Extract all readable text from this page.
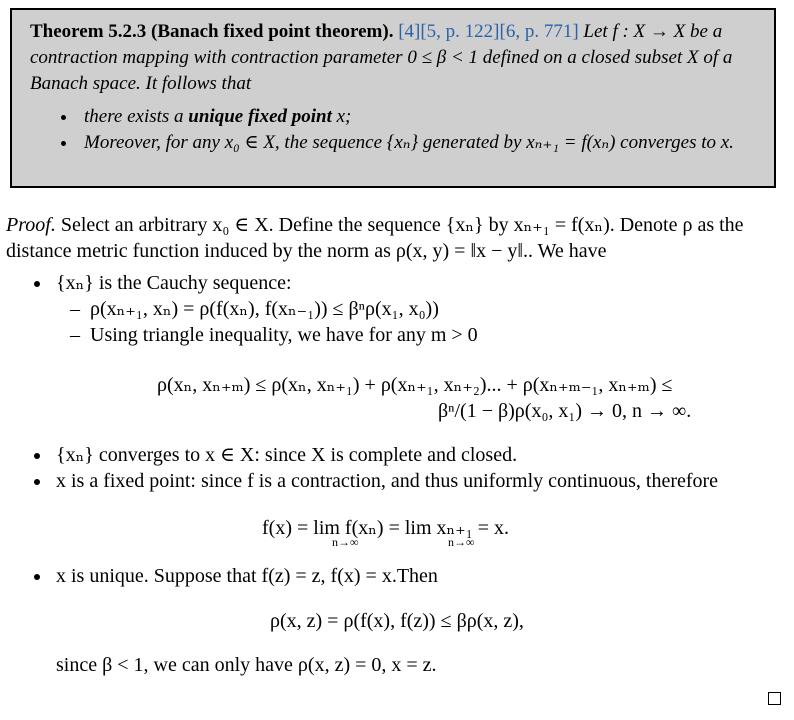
Theorem 5.2.3 (Banach fixed point theorem). [4][5, p. 122][6, p. 771] Let f : X → X be a contraction mapping with contraction parameter 0 ≤ β < 1 defined on a closed subset X of a Banach space. It follows that
• there exists a unique fixed point x;
• Moreover, for any x₀ ∈ X, the sequence {xₙ} generated by xₙ₊₁ = f(xₙ) converges to x.
Proof. Select an arbitrary x₀ ∈ X. Define the sequence {xₙ} by xₙ₊₁ = f(xₙ). Denote ρ as the distance metric function induced by the norm as ρ(x, y) = ‖x − y‖.. We have
• {xₙ} is the Cauchy sequence:
–  ρ(xₙ₊₁, xₙ) = ρ(f(xₙ), f(xₙ₋₁)) ≤ βⁿρ(x₁, x₀))
–  Using triangle inequality, we have for any m > 0
ρ(xₙ, xₙ₊ₘ) ≤ ρ(xₙ, xₙ₊₁) + ρ(xₙ₊₁, xₙ₊₂)... + ρ(xₙ₊ₘ₋₁, xₙ₊ₘ) ≤
βⁿ/(1 − β)ρ(x₀, x₁) → 0, n → ∞.
• {xₙ} converges to x ∈ X: since X is complete and closed.
• x is a fixed point: since f is a contraction, and thus uniformly continuous, therefore
f(x) = lim f(xₙ) = lim xₙ₊₁ = x.
n→∞	n→∞
• x is unique. Suppose that f(z) = z, f(x) = x.Then
ρ(x, z) = ρ(f(x), f(z)) ≤ βρ(x, z),
since β < 1, we can only have ρ(x, z) = 0, x = z.
